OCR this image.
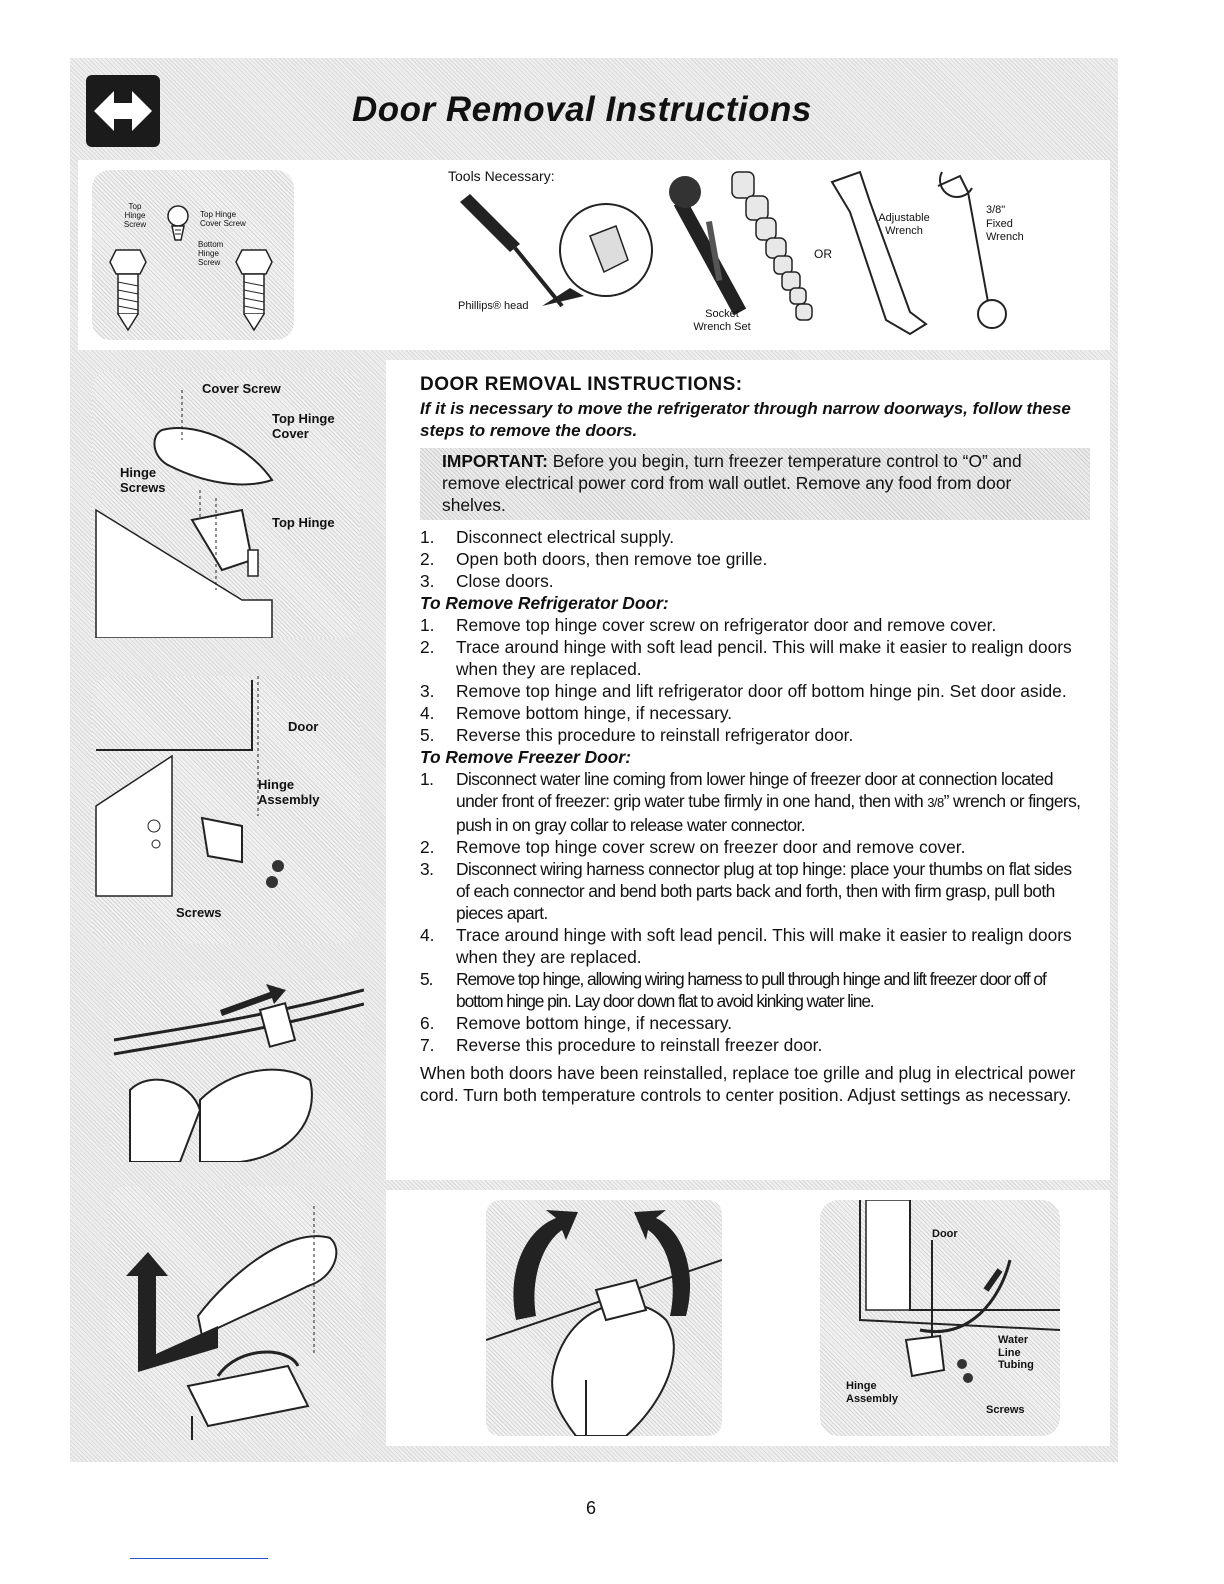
Door Removal Instructions
Top Hinge Screw
Top Hinge Cover Screw
Bottom Hinge Screw
Tools Necessary:
Phillips® head
Socket Wrench Set
OR
Adjustable Wrench
3/8"
Fixed Wrench
Cover Screw
Top Hinge Cover
Hinge Screws
Top Hinge
Door
Hinge Assembly
Screws
DOOR REMOVAL INSTRUCTIONS:
If it is necessary to move the refrigerator through narrow doorways, follow these steps to remove the doors.
IMPORTANT: Before you begin, turn freezer temperature control to “O” and remove electrical power cord from wall outlet. Remove any food from door shelves.
1. Disconnect electrical supply.
2. Open both doors, then remove toe grille.
3. Close doors.
To Remove Refrigerator Door:
1. Remove top hinge cover screw on refrigerator door and remove cover.
2. Trace around hinge with soft lead pencil. This will make it easier to realign doors when they are replaced.
3. Remove top hinge and lift refrigerator door off bottom hinge pin. Set door aside.
4. Remove bottom hinge, if necessary.
5. Reverse this procedure to reinstall refrigerator door.
To Remove Freezer Door:
1. Disconnect water line coming from lower hinge of freezer door at connection located under front of freezer: grip water tube firmly in one hand, then with 3/8” wrench or fingers, push in on gray collar to release water connector.
2. Remove top hinge cover screw on freezer door and remove cover.
3. Disconnect wiring harness connector plug at top hinge: place your thumbs on flat sides of each connector and bend both parts back and forth, then with firm grasp, pull both pieces apart.
4. Trace around hinge with soft lead pencil. This will make it easier to realign doors when they are replaced.
5. Remove top hinge, allowing wiring harness to pull through hinge and lift freezer door off of bottom hinge pin. Lay door down flat to avoid kinking water line.
6. Remove bottom hinge, if necessary.
7. Reverse this procedure to reinstall freezer door.
When both doors have been reinstalled, replace toe grille and plug in electrical power cord. Turn both temperature controls to center position. Adjust settings as necessary.
Door
Water Line Tubing
Hinge Assembly
Screws
6
